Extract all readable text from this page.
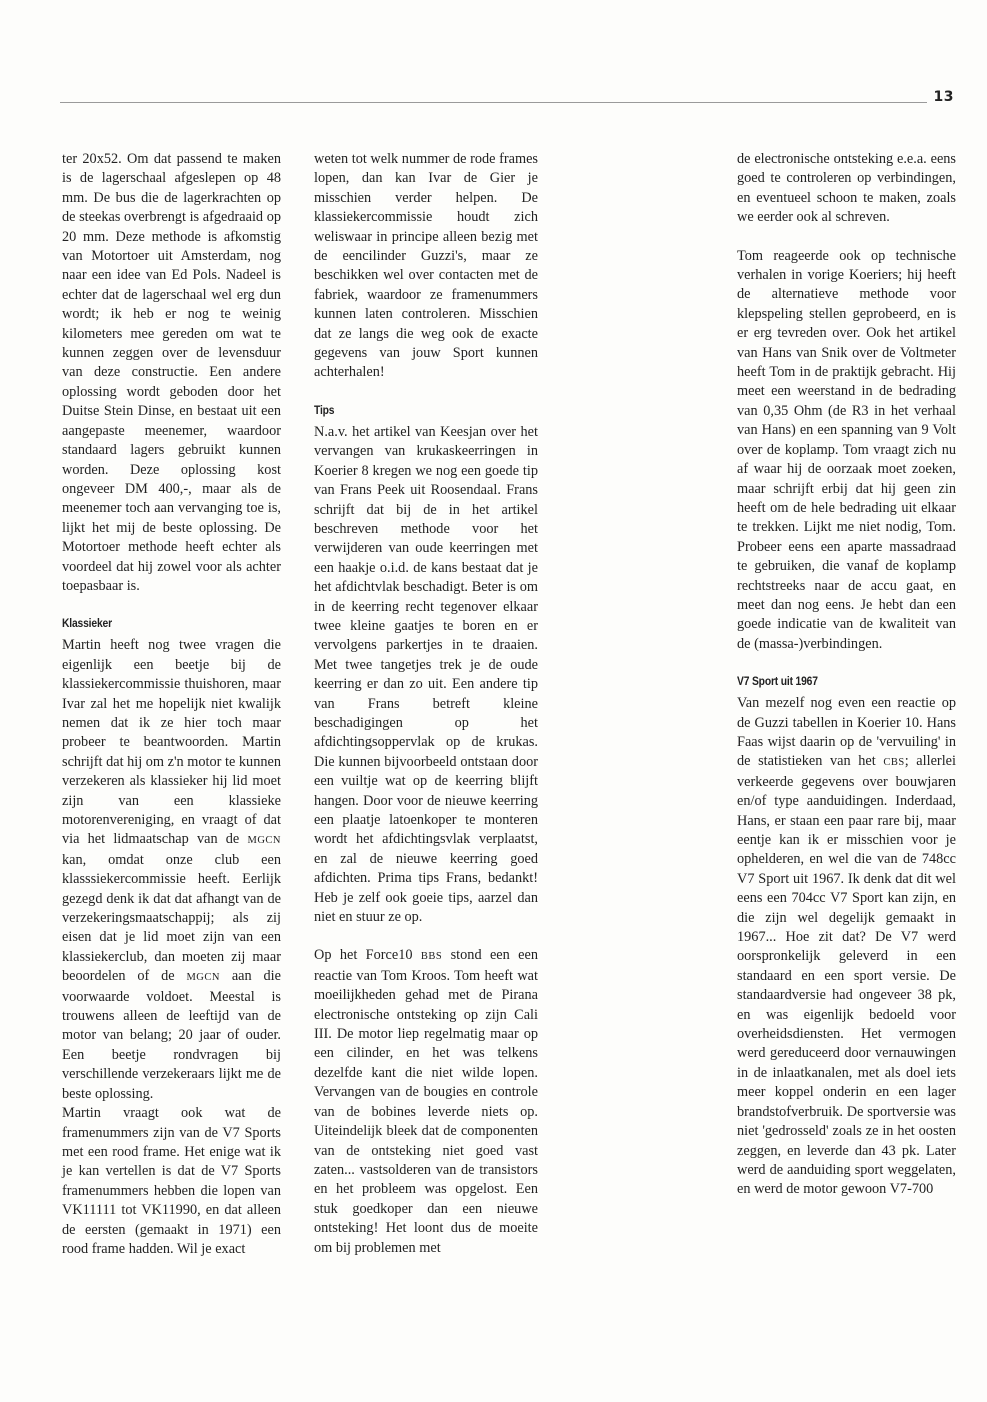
13

ter 20x52. Om dat passend te maken is de lagerschaal afgeslepen op 48 mm. De bus die de lagerkrachten op de steekas overbrengt is afgedraaid op 20 mm. Deze methode is afkomstig van Motortoer uit Amsterdam, nog naar een idee van Ed Pols. Nadeel is echter dat de lagerschaal wel erg dun wordt; ik heb er nog te weinig kilometers mee gereden om wat te kunnen zeggen over de levensduur van deze constructie. Een andere oplossing wordt geboden door het Duitse Stein Dinse, en bestaat uit een aangepaste meenemer, waardoor standaard lagers gebruikt kunnen worden. Deze oplossing kost ongeveer DM 400,-, maar als de meenemer toch aan vervanging toe is, lijkt het mij de beste oplossing. De Motortoer methode heeft echter als voordeel dat hij zowel voor als achter toepasbaar is.

Klassieker

Martin heeft nog twee vragen die eigenlijk een beetje bij de klassiekercommissie thuishoren, maar Ivar zal het me hopelijk niet kwalijk nemen dat ik ze hier toch maar probeer te beantwoorden. Martin schrijft dat hij om z'n motor te kunnen verzekeren als klassieker hij lid moet zijn van een klassieke motorenvereniging, en vraagt of dat via het lidmaatschap van de MGCN kan, omdat onze club een klasssiekercommissie heeft. Eerlijk gezegd denk ik dat dat afhangt van de verzekeringsmaatschappij; als zij eisen dat je lid moet zijn van een klassiekerclub, dan moeten zij maar beoordelen of de MGCN aan die voorwaarde voldoet. Meestal is trouwens alleen de leeftijd van de motor van belang; 20 jaar of ouder. Een beetje rondvragen bij verschillende verzekeraars lijkt me de beste oplossing.

Martin vraagt ook wat de framenummers zijn van de V7 Sports met een rood frame. Het enige wat ik je kan vertellen is dat de V7 Sports framenummers hebben die lopen van VK11111 tot VK11990, en dat alleen de eersten (gemaakt in 1971) een rood frame hadden. Wil je exact

weten tot welk nummer de rode frames lopen, dan kan Ivar de Gier je misschien verder helpen. De klassiekercommissie houdt zich weliswaar in principe alleen bezig met de eencilinder Guzzi's, maar ze beschikken wel over contacten met de fabriek, waardoor ze framenummers kunnen laten controleren. Misschien dat ze langs die weg ook de exacte gegevens van jouw Sport kunnen achterhalen!

Tips

N.a.v. het artikel van Keesjan over het vervangen van krukaskeerringen in Koerier 8 kregen we nog een goede tip van Frans Peek uit Roosendaal. Frans schrijft dat bij de in het artikel beschreven methode voor het verwijderen van oude keerringen met een haakje o.i.d. de kans bestaat dat je het afdichtvlak beschadigt. Beter is om in de keerring recht tegenover elkaar twee kleine gaatjes te boren en er vervolgens parkertjes in te draaien. Met twee tangetjes trek je de oude keerring er dan zo uit. Een andere tip van Frans betreft kleine beschadigingen op het afdichtingsoppervlak op de krukas. Die kunnen bijvoorbeeld ontstaan door een vuiltje wat op de keerring blijft hangen. Door voor de nieuwe keerring een plaatje latoenkoper te monteren wordt het afdichtingsvlak verplaatst, en zal de nieuwe keerring goed afdichten. Prima tips Frans, bedankt! Heb je zelf ook goeie tips, aarzel dan niet en stuur ze op.

Op het Force10 BBS stond een een reactie van Tom Kroos. Tom heeft wat moeilijkheden gehad met de Pirana electronische ontsteking op zijn Cali III. De motor liep regelmatig maar op een cilinder, en het was telkens dezelfde kant die niet wilde lopen. Vervangen van de bougies en controle van de bobines leverde niets op. Uiteindelijk bleek dat de componenten van de ontsteking niet goed vast zaten... vastsolderen van de transistors en het probleem was opgelost. Een stuk goedkoper dan een nieuwe ontsteking! Het loont dus de moeite om bij problemen met

de electronische ontsteking e.e.a. eens goed te controleren op verbindingen, en eventueel schoon te maken, zoals we eerder ook al schreven.

Tom reageerde ook op technische verhalen in vorige Koeriers; hij heeft de alternatieve methode voor klepspeling stellen geprobeerd, en is er erg tevreden over. Ook het artikel van Hans van Snik over de Voltmeter heeft Tom in de praktijk gebracht. Hij meet een weerstand in de bedrading van 0,35 Ohm (de R3 in het verhaal van Hans) en een spanning van 9 Volt over de koplamp. Tom vraagt zich nu af waar hij de oorzaak moet zoeken, maar schrijft erbij dat hij geen zin heeft om de hele bedrading uit elkaar te trekken. Lijkt me niet nodig, Tom. Probeer eens een aparte massadraad te gebruiken, die vanaf de koplamp rechtstreeks naar de accu gaat, en meet dan nog eens. Je hebt dan een goede indicatie van de kwaliteit van de (massa-)verbindingen.

V7 Sport uit 1967

Van mezelf nog even een reactie op de Guzzi tabellen in Koerier 10. Hans Faas wijst daarin op de 'vervuiling' in de statistieken van het CBS; allerlei verkeerde gegevens over bouwjaren en/of type aanduidingen. Inderdaad, Hans, er staan een paar rare bij, maar eentje kan ik er misschien voor je ophelderen, en wel die van de 748cc V7 Sport uit 1967. Ik denk dat dit wel eens een 704cc V7 Sport kan zijn, en die zijn wel degelijk gemaakt in 1967... Hoe zit dat? De V7 werd oorspronkelijk geleverd in een standaard en een sport versie. De standaardversie had ongeveer 38 pk, en was eigenlijk bedoeld voor overheidsdiensten. Het vermogen werd gereduceerd door vernauwingen in de inlaatkanalen, met als doel iets meer koppel onderin en een lager brandstofverbruik. De sportversie was niet 'gedrosseld' zoals ze in het oosten zeggen, en leverde dan 43 pk. Later werd de aanduiding sport weggelaten, en werd de motor gewoon V7-700
